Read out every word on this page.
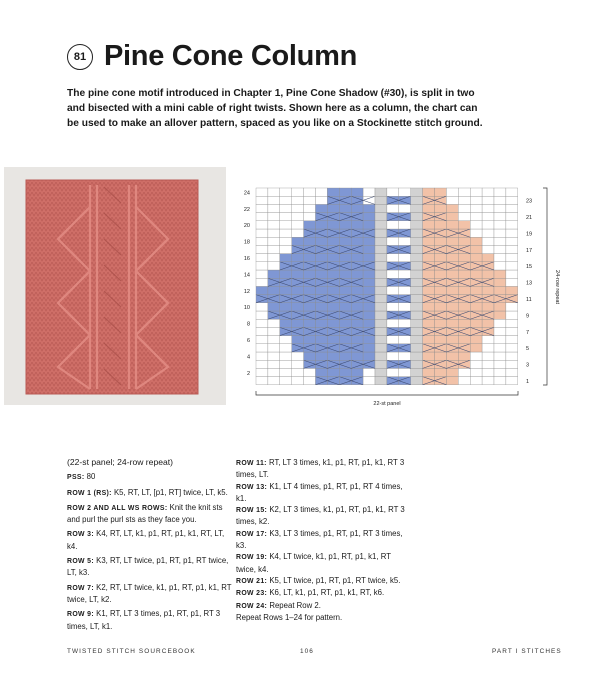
81 Pine Cone Column

The pine cone motif introduced in Chapter 1, Pine Cone Shadow (#30), is split in two and bisected with a mini cable of right twists. Shown here as a column, the chart can be used to make an allover pattern, spaced as you like on a Stockinette stitch ground.

24
22
20
18
16
14
12
10
8
6
4
2
23
21
19
17
15
13
11
9
7
5
3
1
24-row repeat
22-st panel

(22-st panel; 24-row repeat)

PSS: 80

ROW 1 (RS): K5, RT, LT, [p1, RT] twice, LT, k5.

ROW 2 AND ALL WS ROWS: Knit the knit sts and purl the purl sts as they face you.

ROW 3: K4, RT, LT, k1, p1, RT, p1, k1, RT, LT, k4.

ROW 5: K3, RT, LT twice, p1, RT, p1, RT twice, LT, k3.

ROW 7: K2, RT, LT twice, k1, p1, RT, p1, k1, RT twice, LT, k2.

ROW 9: K1, RT, LT 3 times, p1, RT, p1, RT 3 times, LT, k1.

ROW 11: RT, LT 3 times, k1, p1, RT, p1, k1, RT 3 times, LT.

ROW 13: K1, LT 4 times, p1, RT, p1, RT 4 times, k1.

ROW 15: K2, LT 3 times, k1, p1, RT, p1, k1, RT 3 times, k2.

ROW 17: K3, LT 3 times, p1, RT, p1, RT 3 times, k3.

ROW 19: K4, LT twice, k1, p1, RT, p1, k1, RT twice, k4.

ROW 21: K5, LT twice, p1, RT, p1, RT twice, k5.

ROW 23: K6, LT, k1, p1, RT, p1, k1, RT, k6.

ROW 24: Repeat Row 2.

Repeat Rows 1–24 for pattern.

TWISTED STITCH SOURCEBOOK	106	PART I STITCHES
